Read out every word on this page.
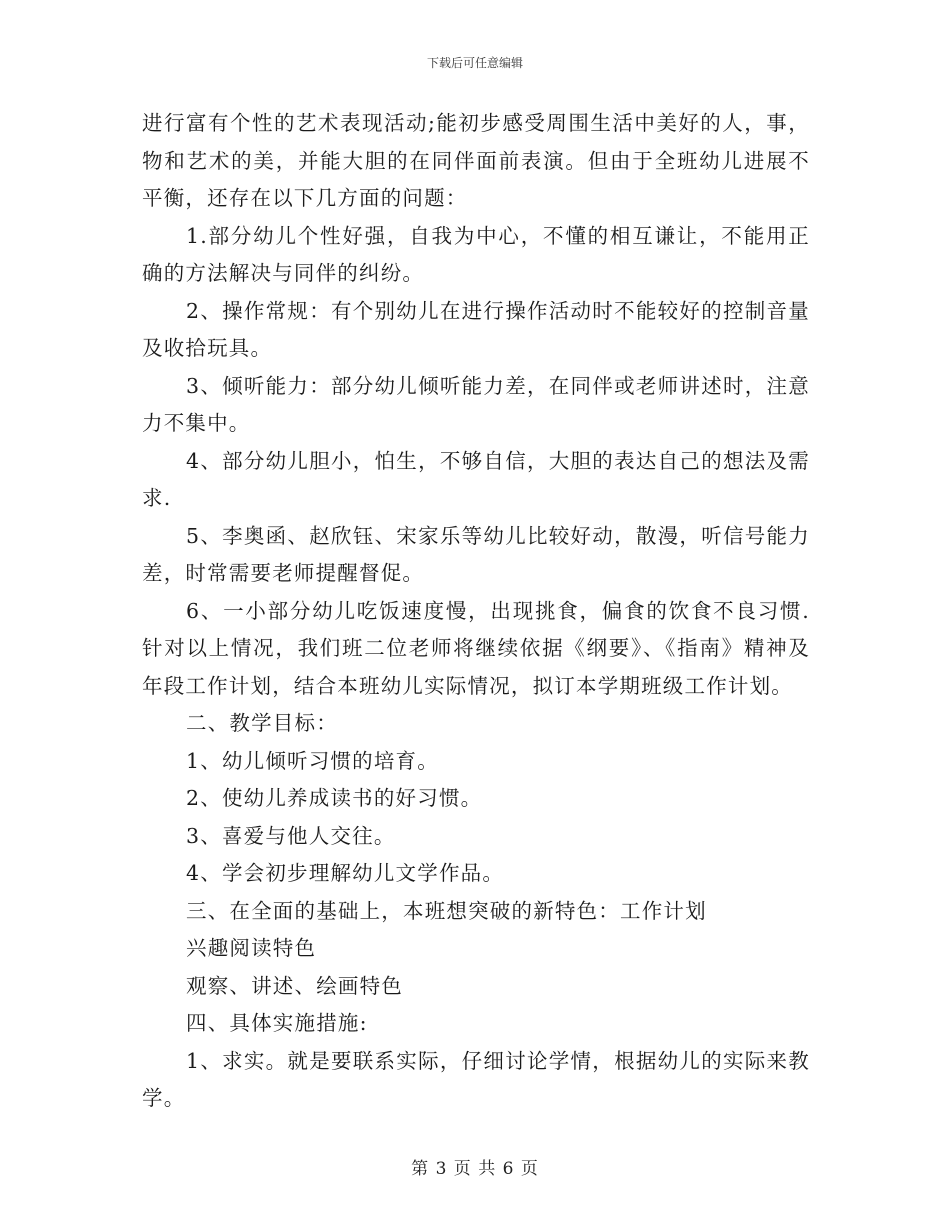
下载后可任意编辑

进行富有个性的艺术表现活动;能初步感受周围生活中美好的人，事，物和艺术的美，并能大胆的在同伴面前表演。但由于全班幼儿进展不平衡，还存在以下几方面的问题：

1.部分幼儿个性好强，自我为中心，不懂的相互谦让，不能用正确的方法解决与同伴的纠纷。

2、操作常规：有个别幼儿在进行操作活动时不能较好的控制音量及收拾玩具。

3、倾听能力：部分幼儿倾听能力差，在同伴或老师讲述时，注意力不集中。

4、部分幼儿胆小，怕生，不够自信，大胆的表达自己的想法及需求.

5、李奥函、赵欣钰、宋家乐等幼儿比较好动，散漫，听信号能力差，时常需要老师提醒督促。

6、一小部分幼儿吃饭速度慢，出现挑食，偏食的饮食不良习惯.针对以上情况，我们班二位老师将继续依据《纲要》、《指南》精神及年段工作计划，结合本班幼儿实际情况，拟订本学期班级工作计划。

二、教学目标：

1、幼儿倾听习惯的培育。

2、使幼儿养成读书的好习惯。

3、喜爱与他人交往。

4、学会初步理解幼儿文学作品。

三、在全面的基础上，本班想突破的新特色：工作计划

兴趣阅读特色

观察、讲述、绘画特色

四、具体实施措施:

1、求实。就是要联系实际，仔细讨论学情，根据幼儿的实际来教学。

第 3 页 共 6 页
